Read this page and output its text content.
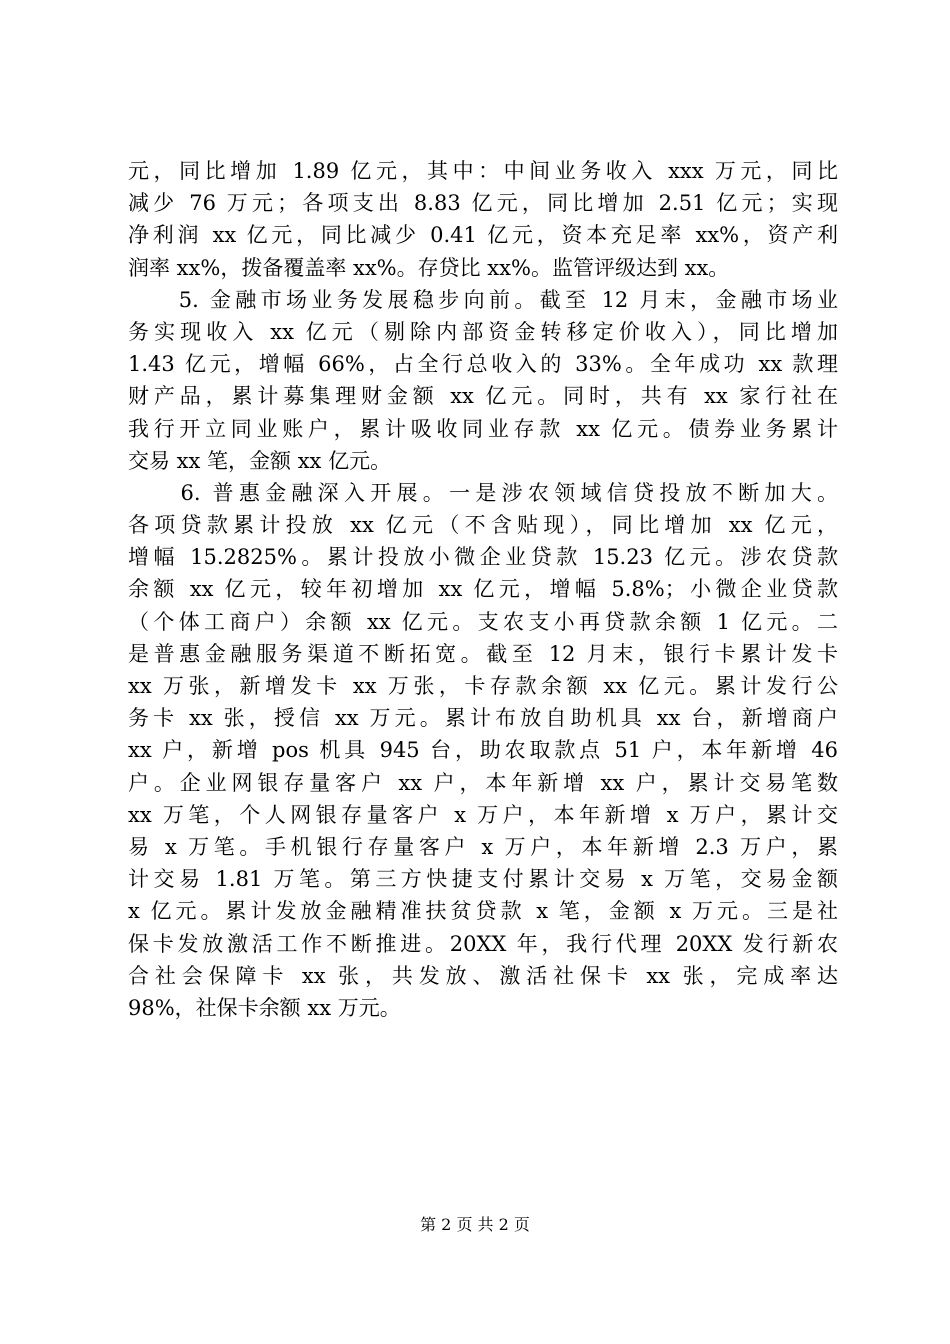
元，同比增加 1.89 亿元，其中：中间业务收入 xxx 万元，同比
减少 76 万元；各项支出 8.83 亿元，同比增加 2.51 亿元；实现
净利润 xx 亿元，同比减少 0.41 亿元，资本充足率 xx%，资产利
润率 xx%，拨备覆盖率 xx%。存贷比 xx%。监管评级达到 xx。
　　5. 金融市场业务发展稳步向前。截至 12 月末，金融市场业
务实现收入 xx 亿元（剔除内部资金转移定价收入），同比增加
1.43 亿元，增幅 66%，占全行总收入的 33%。全年成功 xx 款理
财产品，累计募集理财金额 xx 亿元。同时，共有 xx 家行社在
我行开立同业账户，累计吸收同业存款 xx 亿元。债券业务累计
交易 xx 笔，金额 xx 亿元。
　　6. 普惠金融深入开展。一是涉农领域信贷投放不断加大。
各项贷款累计投放 xx 亿元（不含贴现），同比增加 xx 亿元，
增幅 15.2825%。累计投放小微企业贷款 15.23 亿元。涉农贷款
余额 xx 亿元，较年初增加 xx 亿元，增幅 5.8%；小微企业贷款
（个体工商户）余额 xx 亿元。支农支小再贷款余额 1 亿元。二
是普惠金融服务渠道不断拓宽。截至 12 月末，银行卡累计发卡
xx 万张，新增发卡 xx 万张，卡存款余额 xx 亿元。累计发行公
务卡 xx 张，授信 xx 万元。累计布放自助机具 xx 台，新增商户
xx 户，新增 pos 机具 945 台，助农取款点 51 户，本年新增 46
户。企业网银存量客户 xx 户，本年新增 xx 户，累计交易笔数
xx 万笔，个人网银存量客户 x 万户，本年新增 x 万户，累计交
易 x 万笔。手机银行存量客户 x 万户，本年新增 2.3 万户，累
计交易 1.81 万笔。第三方快捷支付累计交易 x 万笔，交易金额
x 亿元。累计发放金融精准扶贫贷款 x 笔，金额 x 万元。三是社
保卡发放激活工作不断推进。20XX 年，我行代理 20XX 发行新农
合社会保障卡 xx 张，共发放、激活社保卡 xx 张，完成率达
98%，社保卡余额 xx 万元。
第 2 页 共 2 页
